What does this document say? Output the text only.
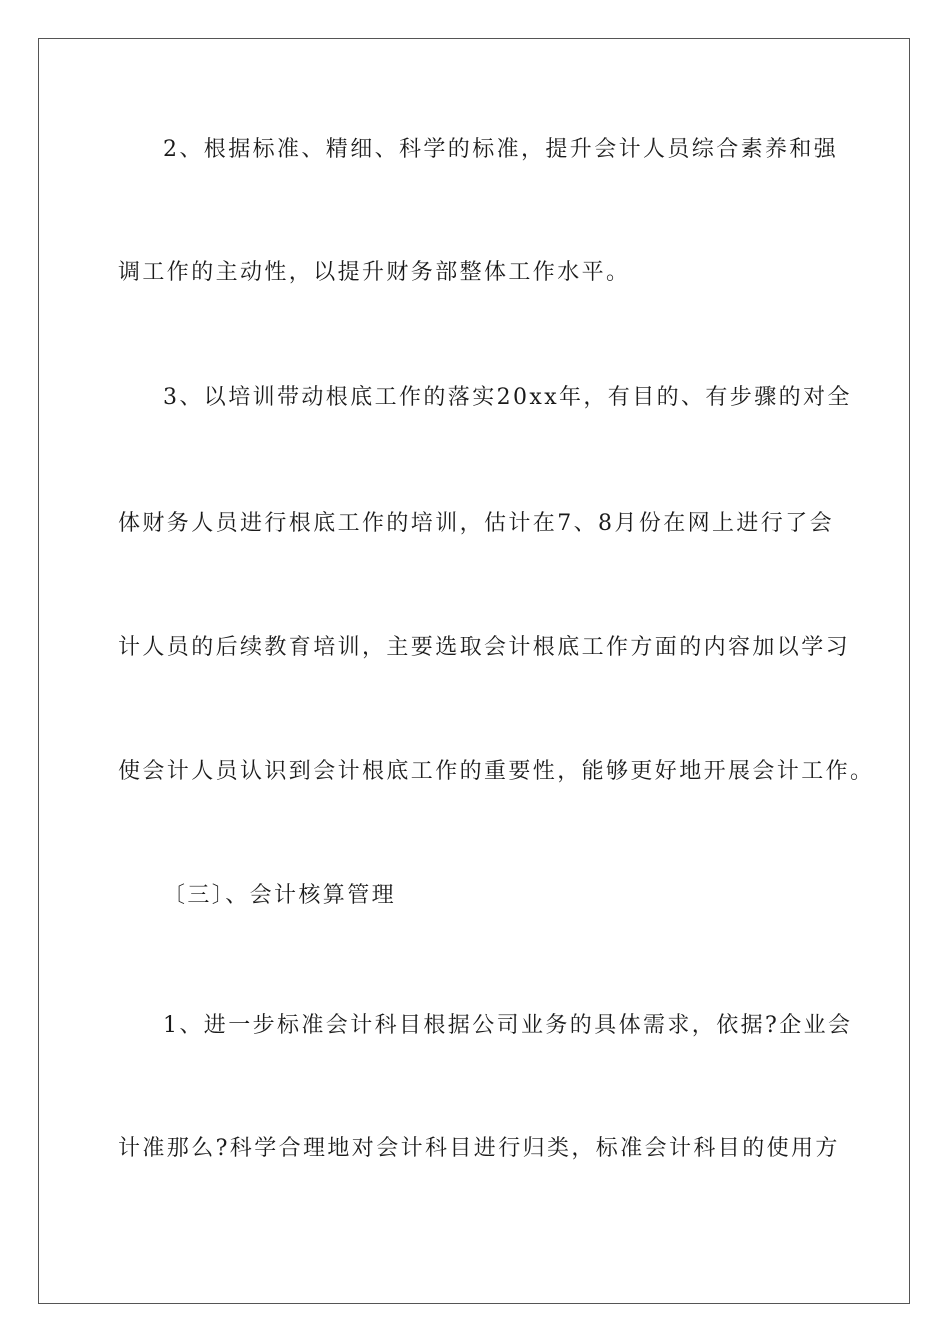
2、根据标准、精细、科学的标准，提升会计人员综合素养和强
调工作的主动性，以提升财务部整体工作水平。
3、以培训带动根底工作的落实20xx年，有目的、有步骤的对全
体财务人员进行根底工作的培训，估计在7、8月份在网上进行了会
计人员的后续教育培训，主要选取会计根底工作方面的内容加以学习
使会计人员认识到会计根底工作的重要性，能够更好地开展会计工作。
〔三〕、会计核算管理
1、进一步标准会计科目根据公司业务的具体需求，依据?企业会
计准那么?科学合理地对会计科目进行归类，标准会计科目的使用方
